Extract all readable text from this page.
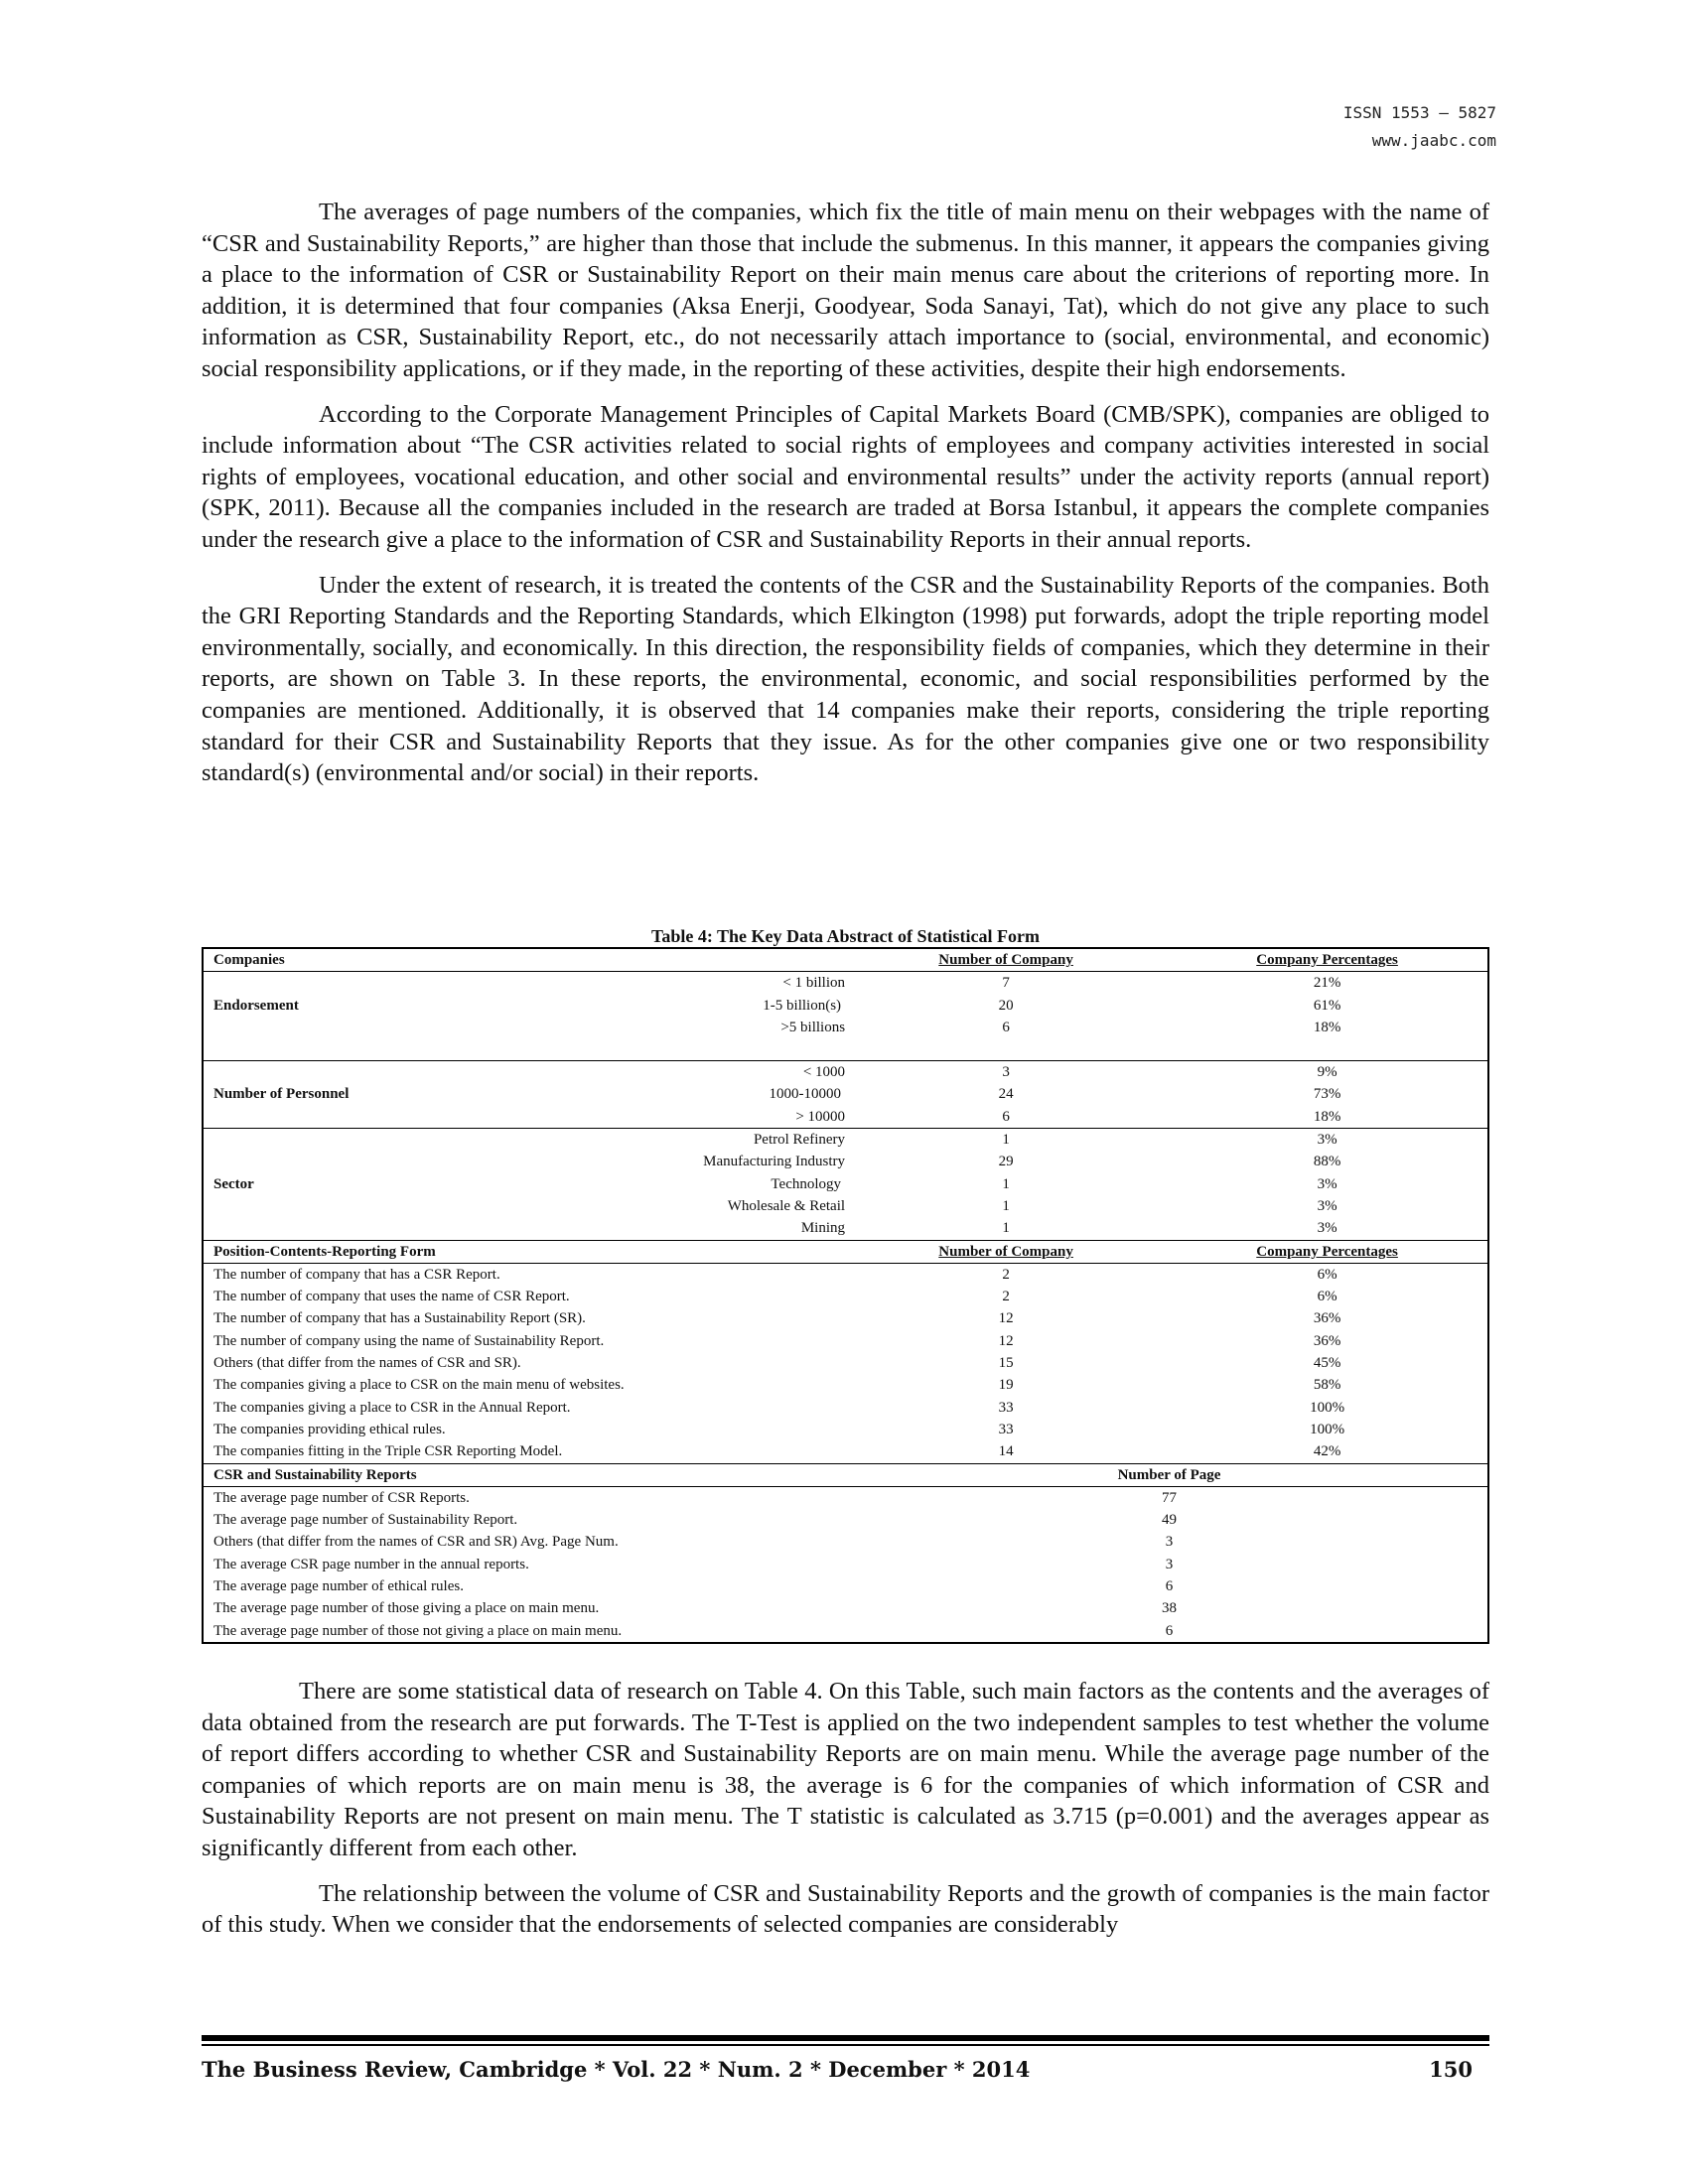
ISSN 1553 – 5827
www.jaabc.com

The averages of page numbers of the companies, which fix the title of main menu on their webpages with the name of “CSR and Sustainability Reports,” are higher than those that include the submenus. In this manner, it appears the companies giving a place to the information of CSR or Sustainability Report on their main menus care about the criterions of reporting more. In addition, it is determined that four companies (Aksa Enerji, Goodyear, Soda Sanayi, Tat), which do not give any place to such information as CSR, Sustainability Report, etc., do not necessarily attach importance to (social, environmental, and economic) social responsibility applications, or if they made, in the reporting of these activities, despite their high endorsements.

According to the Corporate Management Principles of Capital Markets Board (CMB/SPK), companies are obliged to include information about “The CSR activities related to social rights of employees and company activities interested in social rights of employees, vocational education, and other social and environmental results” under the activity reports (annual report) (SPK, 2011). Because all the companies included in the research are traded at Borsa Istanbul, it appears the complete companies under the research give a place to the information of CSR and Sustainability Reports in their annual reports.

Under the extent of research, it is treated the contents of the CSR and the Sustainability Reports of the companies. Both the GRI Reporting Standards and the Reporting Standards, which Elkington (1998) put forwards, adopt the triple reporting model environmentally, socially, and economically. In this direction, the responsibility fields of companies, which they determine in their reports, are shown on Table 3. In these reports, the environmental, economic, and social responsibilities performed by the companies are mentioned. Additionally, it is observed that 14 companies make their reports, considering the triple reporting standard for their CSR and Sustainability Reports that they issue. As for the other companies give one or two responsibility standard(s) (environmental and/or social) in their reports.

Table 4: The Key Data Abstract of Statistical Form
Companies	Number of Company	Company Percentages
< 1 billion	7	21%

Endorsement 1-5 billion(s)	20	61%
>5 billions	6	18%

< 1000	3	9%

Number of Personnel 1000-10000	24	73%
> 10000	6	18%
Petrol Refinery	1	3%
Manufacturing Industry	29	88%

Sector Technology	1	3%
Wholesale & Retail	1	3%
Mining	1	3%
Position-Contents-Reporting Form	Number of Company	Company Percentages
The number of company that has a CSR Report.	2	6%
The number of company that uses the name of CSR Report.	2	6%
The number of company that has a Sustainability Report (SR).	12	36%
The number of company using the name of Sustainability Report.	12	36%
Others (that differ from the names of CSR and SR).	15	45%
The companies giving a place to CSR on the main menu of websites.	19	58%
The companies giving a place to CSR in the Annual Report.	33	100%
The companies providing ethical rules.	33	100%
The companies fitting in the Triple CSR Reporting Model.	14	42%
CSR and Sustainability Reports	Number of Page	
The average page number of CSR Reports.	77	
The average page number of Sustainability Report.	49	
Others (that differ from the names of CSR and SR) Avg. Page Num.	3	
The average CSR page number in the annual reports.	3	
The average page number of ethical rules.	6	
The average page number of those giving a place on main menu.	38	
The average page number of those not giving a place on main menu.	6	

There are some statistical data of research on Table 4. On this Table, such main factors as the contents and the averages of data obtained from the research are put forwards. The T-Test is applied on the two independent samples to test whether the volume of report differs according to whether CSR and Sustainability Reports are on main menu. While the average page number of the companies of which reports are on main menu is 38, the average is 6 for the companies of which information of CSR and Sustainability Reports are not present on main menu. The T statistic is calculated as 3.715 (p=0.001) and the averages appear as significantly different from each other.

The relationship between the volume of CSR and Sustainability Reports and the growth of companies is the main factor of this study. When we consider that the endorsements of selected companies are considerably

The Business Review, Cambridge * Vol. 22 * Num. 2 * December * 2014	150
